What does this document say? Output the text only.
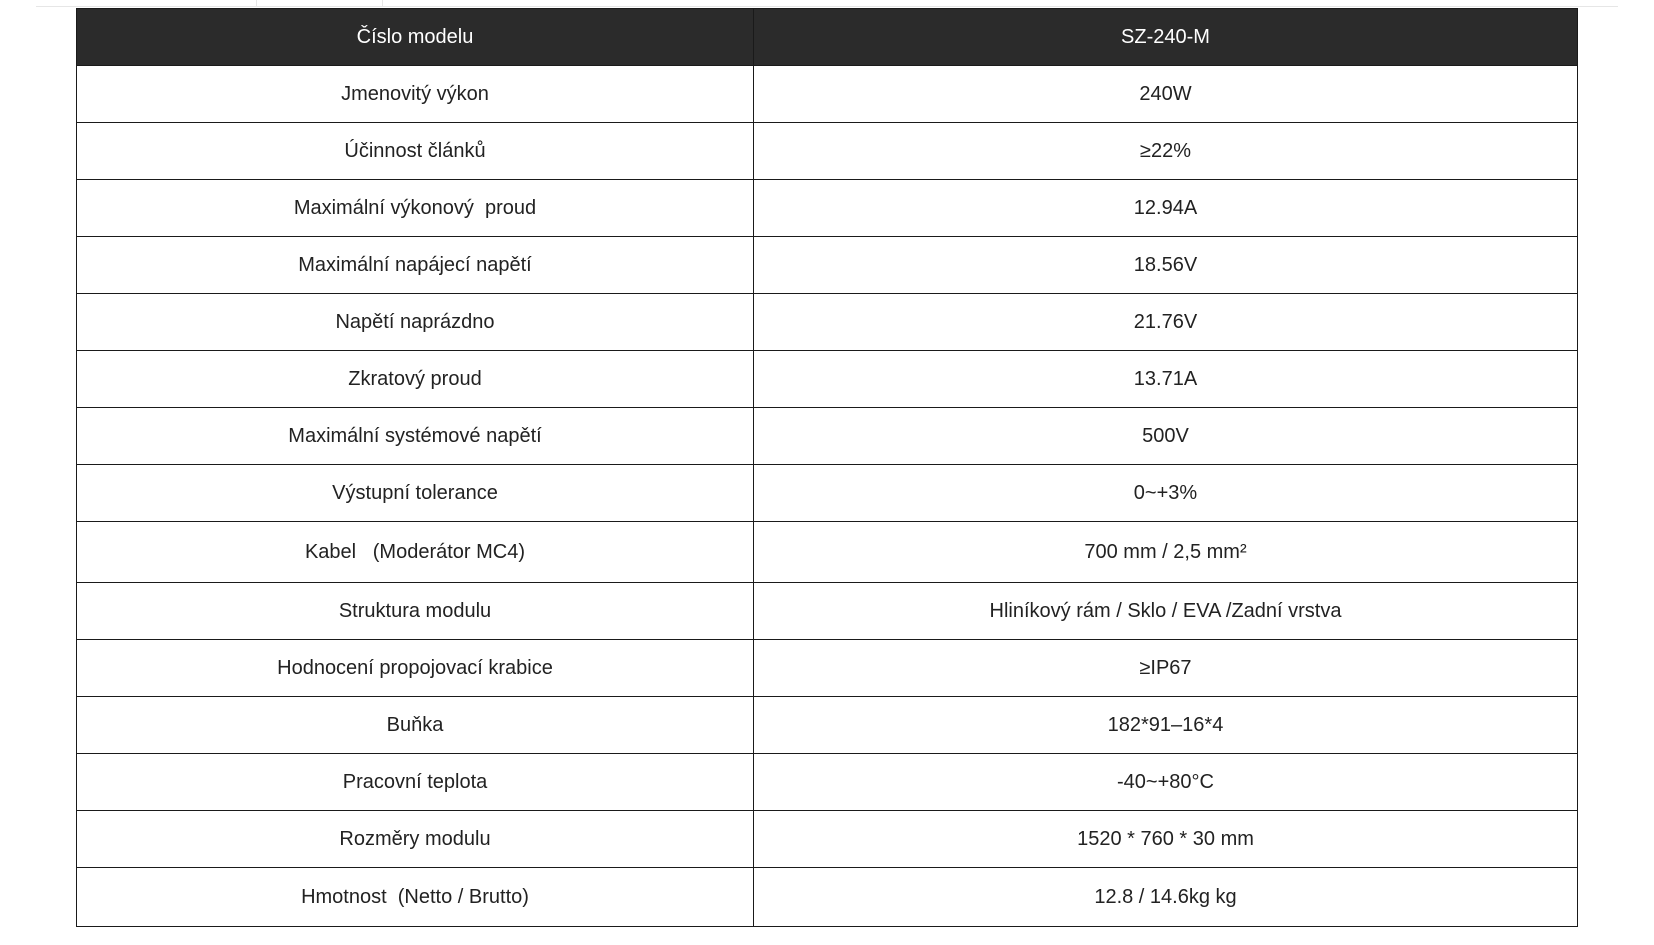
Číslo modelu	SZ-240-M
Jmenovitý výkon	240W
Účinnost článků	≥22%
Maximální výkonový  proud	12.94A
Maximální napájecí napětí	18.56V
Napětí naprázdno	21.76V
Zkratový proud	13.71A
Maximální systémové napětí	500V
Výstupní tolerance	0~+3%
Kabel   (Moderátor MC4)	700 mm / 2,5 mm²
Struktura modulu	Hliníkový rám / Sklo / EVA /Zadní vrstva
Hodnocení propojovací krabice	≥IP67
Buňka	182*91–16*4
Pracovní teplota	-40~+80°C
Rozměry modulu	1520 * 760 * 30 mm
Hmotnost  (Netto / Brutto)	12.8 / 14.6kg kg
